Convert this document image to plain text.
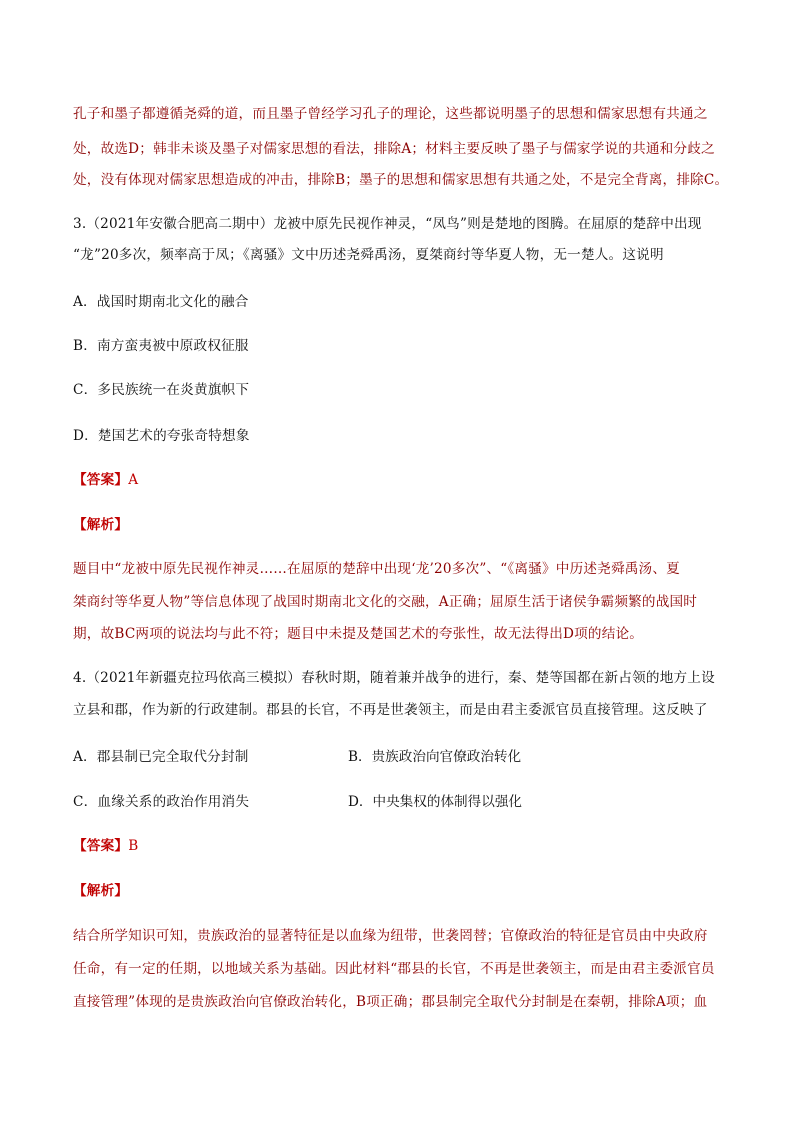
孔子和墨子都遵循尧舜的道，而且墨子曾经学习孔子的理论，这些都说明墨子的思想和儒家思想有共通之
处，故选D；韩非未谈及墨子对儒家思想的看法，排除A；材料主要反映了墨子与儒家学说的共通和分歧之
处，没有体现对儒家思想造成的冲击，排除B；墨子的思想和儒家思想有共通之处，不是完全背离，排除C。
3.（2021年安徽合肥高二期中）龙被中原先民视作神灵，“凤鸟”则是楚地的图腾。在屈原的楚辞中出现
“龙”20多次，频率高于凤；《离骚》文中历述尧舜禹汤，夏桀商纣等华夏人物，无一楚人。这说明
A．战国时期南北文化的融合
B．南方蛮夷被中原政权征服
C．多民族统一在炎黄旗帜下
D．楚国艺术的夸张奇特想象
【答案】A
【解析】
题目中“龙被中原先民视作神灵……在屈原的楚辞中出现‘龙’20多次”、“《离骚》中历述尧舜禹汤、夏
桀商纣等华夏人物”等信息体现了战国时期南北文化的交融，A正确；屈原生活于诸侯争霸频繁的战国时
期，故BC两项的说法均与此不符；题目中未提及楚国艺术的夸张性，故无法得出D项的结论。
4.（2021年新疆克拉玛依高三模拟）春秋时期，随着兼并战争的进行，秦、楚等国都在新占领的地方上设
立县和郡，作为新的行政建制。郡县的长官，不再是世袭领主，而是由君主委派官员直接管理。这反映了
A．郡县制已完全取代分封制	B．贵族政治向官僚政治转化
C．血缘关系的政治作用消失	D．中央集权的体制得以强化
【答案】B
【解析】
结合所学知识可知，贵族政治的显著特征是以血缘为纽带，世袭罔替；官僚政治的特征是官员由中央政府
任命，有一定的任期，以地域关系为基础。因此材料“郡县的长官，不再是世袭领主，而是由君主委派官员
直接管理”体现的是贵族政治向官僚政治转化，B项正确；郡县制完全取代分封制是在秦朝，排除A项；血
